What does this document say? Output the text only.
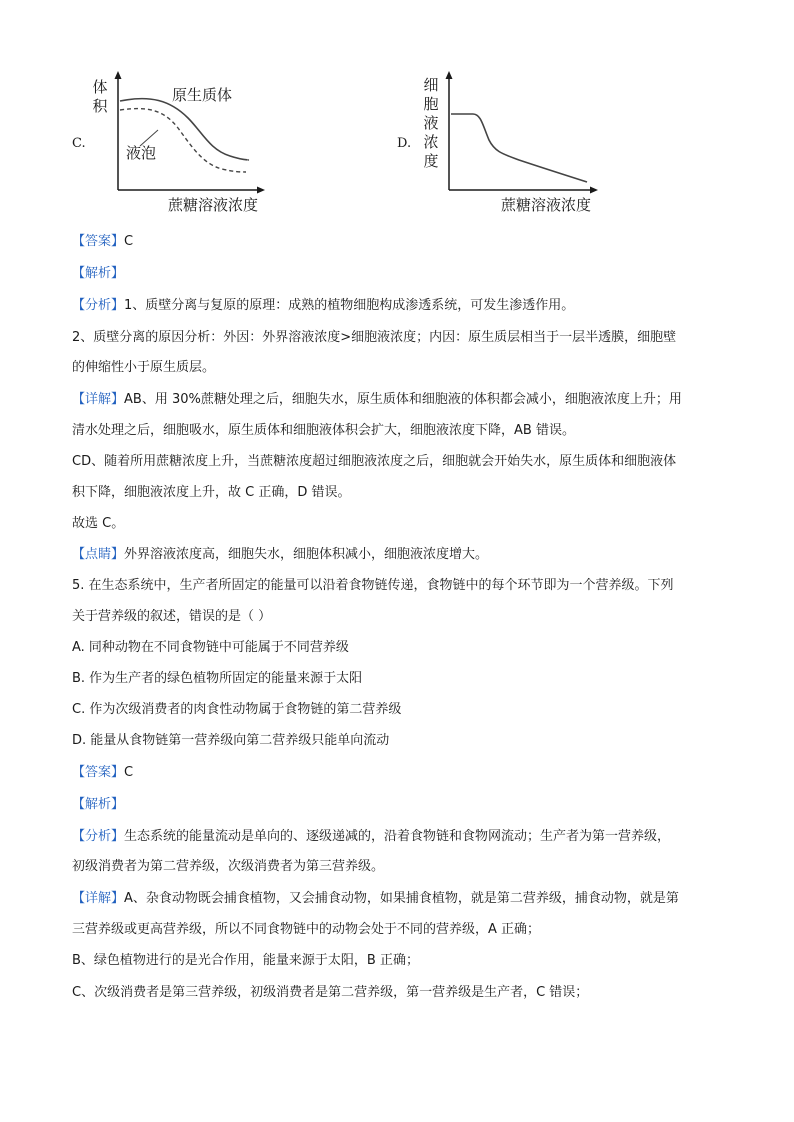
C.
体积
原生质体
液泡
蔗糖溶液浓度
D.
细胞液浓度
蔗糖溶液浓度
【答案】C
【解析】
【分析】1、质壁分离与复原的原理：成熟的植物细胞构成渗透系统，可发生渗透作用。
2、质壁分离的原因分析：外因：外界溶液浓度>细胞液浓度；内因：原生质层相当于一层半透膜，细胞壁
的伸缩性小于原生质层。
【详解】AB、用 30%蔗糖处理之后，细胞失水，原生质体和细胞液的体积都会减小，细胞液浓度上升；用
清水处理之后，细胞吸水，原生质体和细胞液体积会扩大，细胞液浓度下降，AB 错误。
CD、随着所用蔗糖浓度上升，当蔗糖浓度超过细胞液浓度之后，细胞就会开始失水，原生质体和细胞液体
积下降，细胞液浓度上升，故 C 正确，D 错误。
故选 C。
【点睛】外界溶液浓度高，细胞失水，细胞体积减小，细胞液浓度增大。
5. 在生态系统中，生产者所固定的能量可以沿着食物链传递，食物链中的每个环节即为一个营养级。下列
关于营养级的叙述，错误的是（ ）
A. 同种动物在不同食物链中可能属于不同营养级
B. 作为生产者的绿色植物所固定的能量来源于太阳
C. 作为次级消费者的肉食性动物属于食物链的第二营养级
D. 能量从食物链第一营养级向第二营养级只能单向流动
【答案】C
【解析】
【分析】生态系统的能量流动是单向的、逐级递减的，沿着食物链和食物网流动；生产者为第一营养级，
初级消费者为第二营养级，次级消费者为第三营养级。
【详解】A、杂食动物既会捕食植物，又会捕食动物，如果捕食植物，就是第二营养级，捕食动物，就是第
三营养级或更高营养级，所以不同食物链中的动物会处于不同的营养级，A 正确；
B、绿色植物进行的是光合作用，能量来源于太阳，B 正确；
C、次级消费者是第三营养级，初级消费者是第二营养级，第一营养级是生产者，C 错误；
